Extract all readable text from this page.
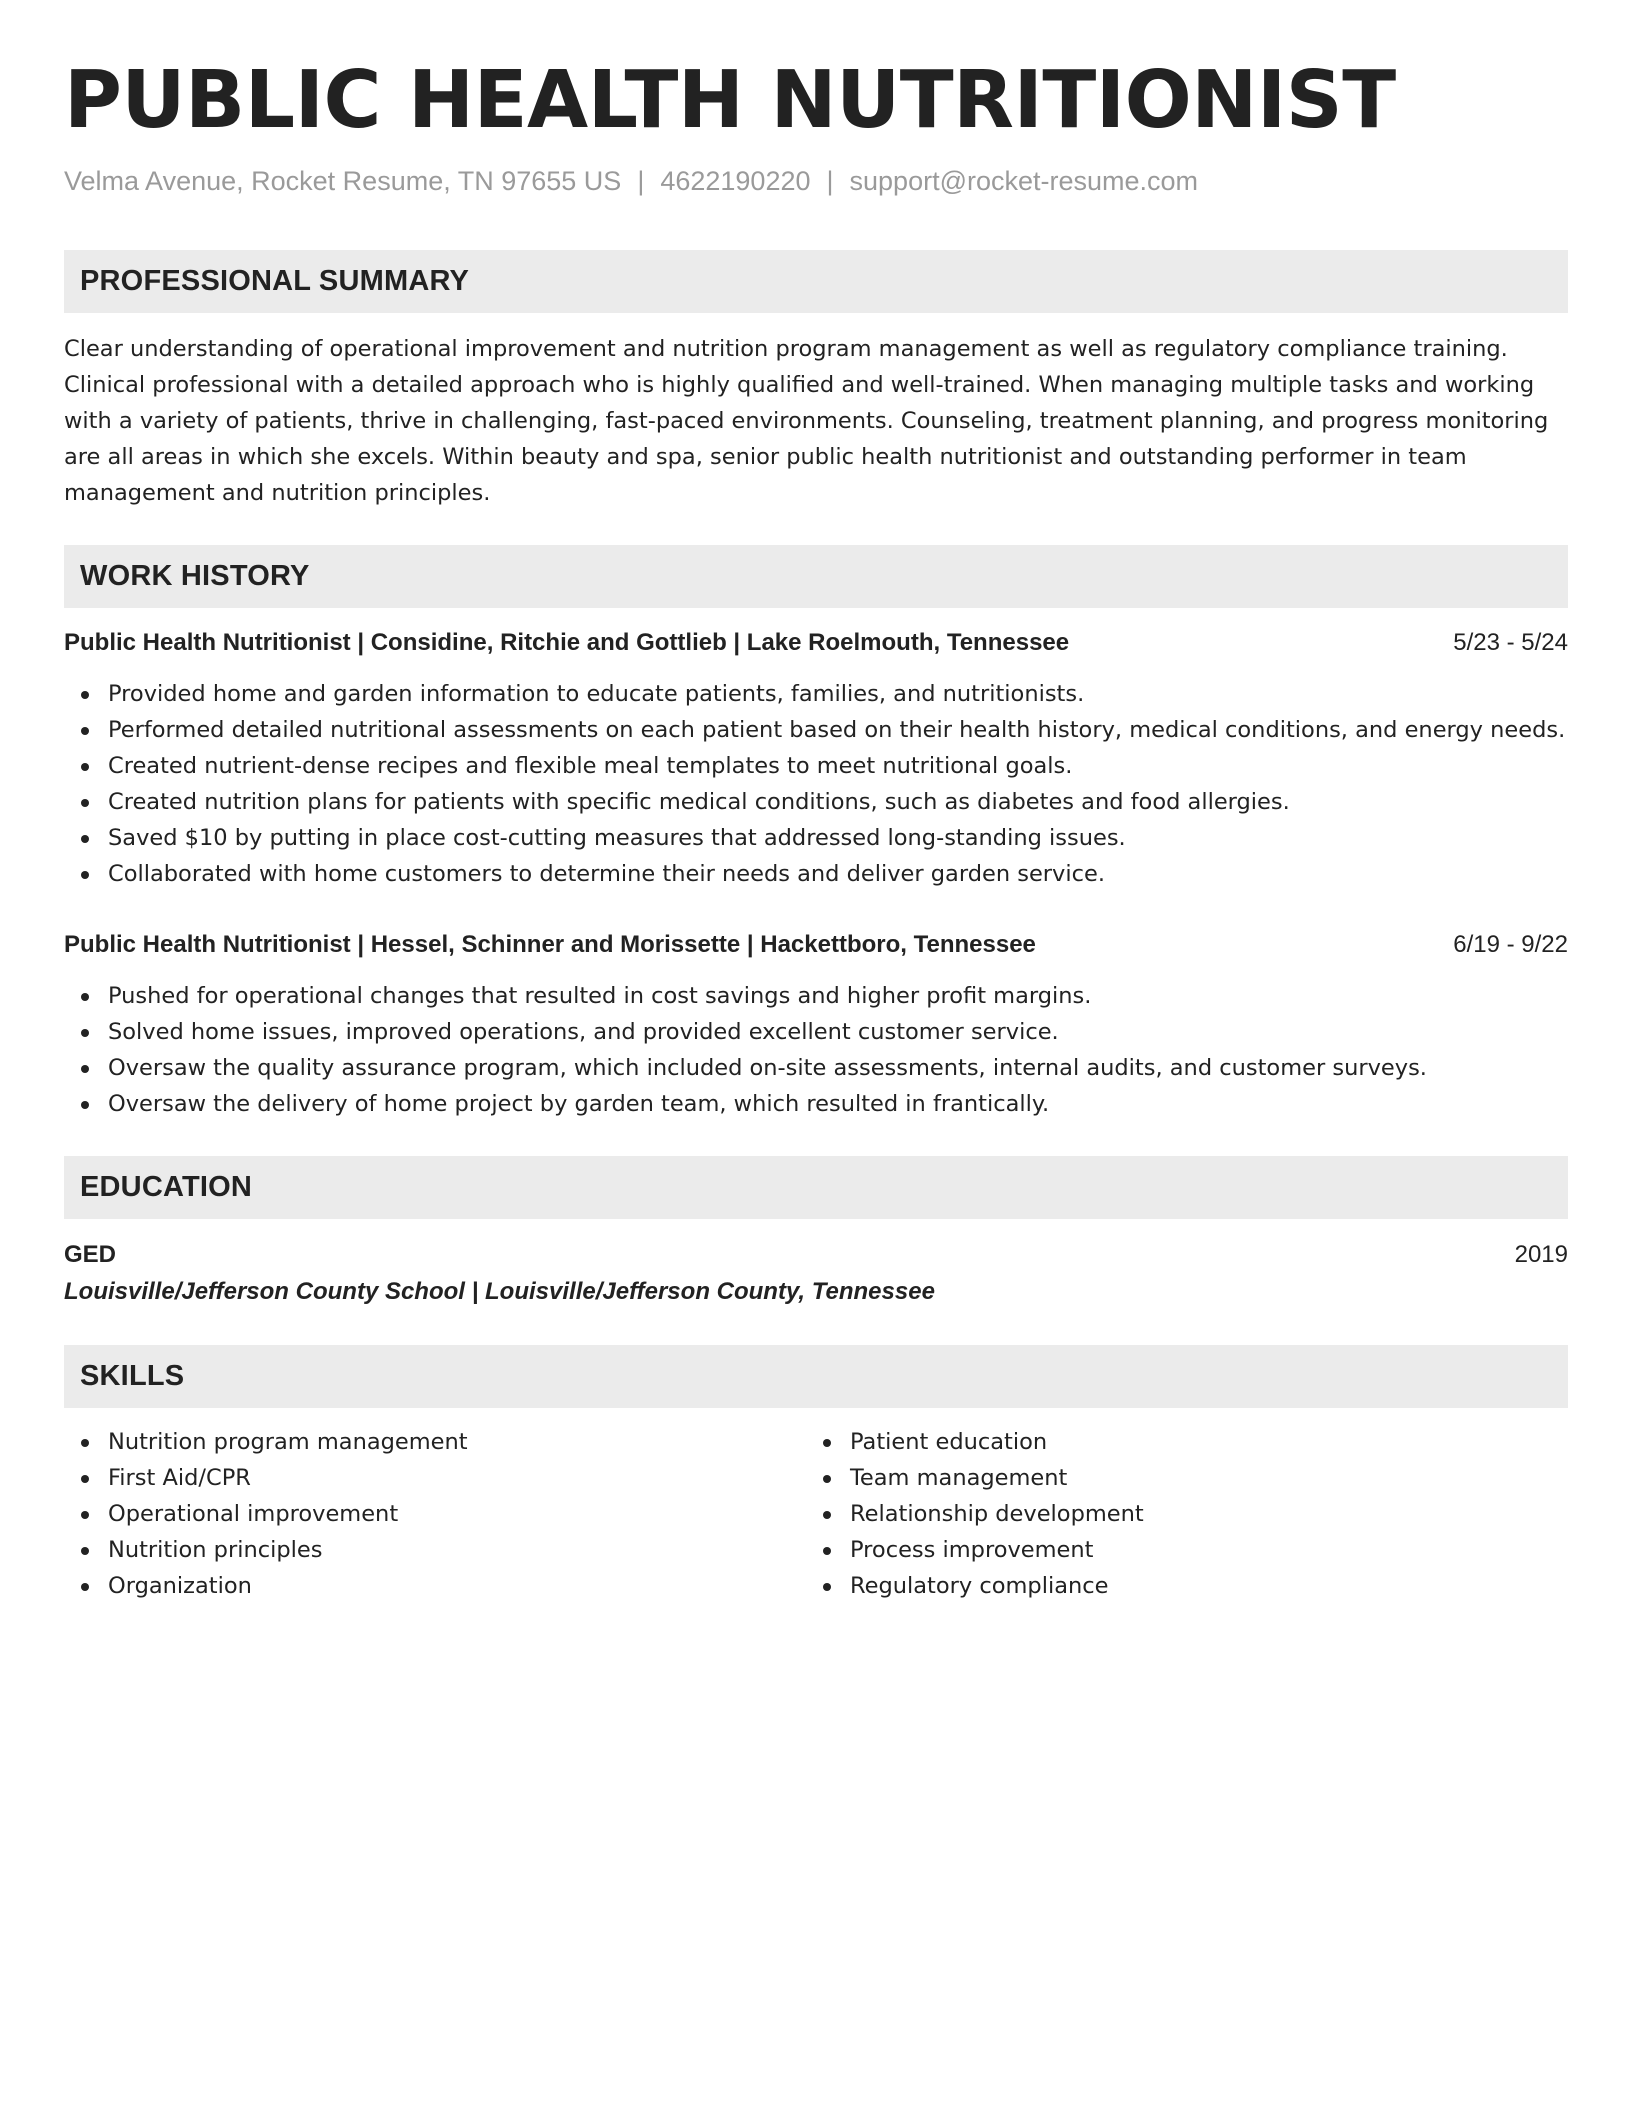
PUBLIC HEALTH NUTRITIONIST
Velma Avenue, Rocket Resume, TN 97655 US | 4622190220 | support@rocket-resume.com
PROFESSIONAL SUMMARY

Clear understanding of operational improvement and nutrition program management as well as regulatory compliance training. Clinical professional with a detailed approach who is highly qualified and well-trained. When managing multiple tasks and working with a variety of patients, thrive in challenging, fast-paced environments. Counseling, treatment planning, and progress monitoring are all areas in which she excels. Within beauty and spa, senior public health nutritionist and outstanding performer in team management and nutrition principles.

WORK HISTORY
Public Health Nutritionist | Considine, Ritchie and Gottlieb | Lake Roelmouth, Tennessee	5/23 - 5/24
Provided home and garden information to educate patients, families, and nutritionists.
Performed detailed nutritional assessments on each patient based on their health history, medical conditions, and energy needs.
Created nutrient-dense recipes and flexible meal templates to meet nutritional goals.
Created nutrition plans for patients with specific medical conditions, such as diabetes and food allergies.
Saved $10 by putting in place cost-cutting measures that addressed long-standing issues.
Collaborated with home customers to determine their needs and deliver garden service.
Public Health Nutritionist | Hessel, Schinner and Morissette | Hackettboro, Tennessee	6/19 - 9/22
Pushed for operational changes that resulted in cost savings and higher profit margins.
Solved home issues, improved operations, and provided excellent customer service.
Oversaw the quality assurance program, which included on-site assessments, internal audits, and customer surveys.
Oversaw the delivery of home project by garden team, which resulted in frantically.
EDUCATION
GED	2019
Louisville/Jefferson County School | Louisville/Jefferson County, Tennessee
SKILLS
Nutrition program management
First Aid/CPR
Operational improvement
Nutrition principles
Organization
Patient education
Team management
Relationship development
Process improvement
Regulatory compliance
